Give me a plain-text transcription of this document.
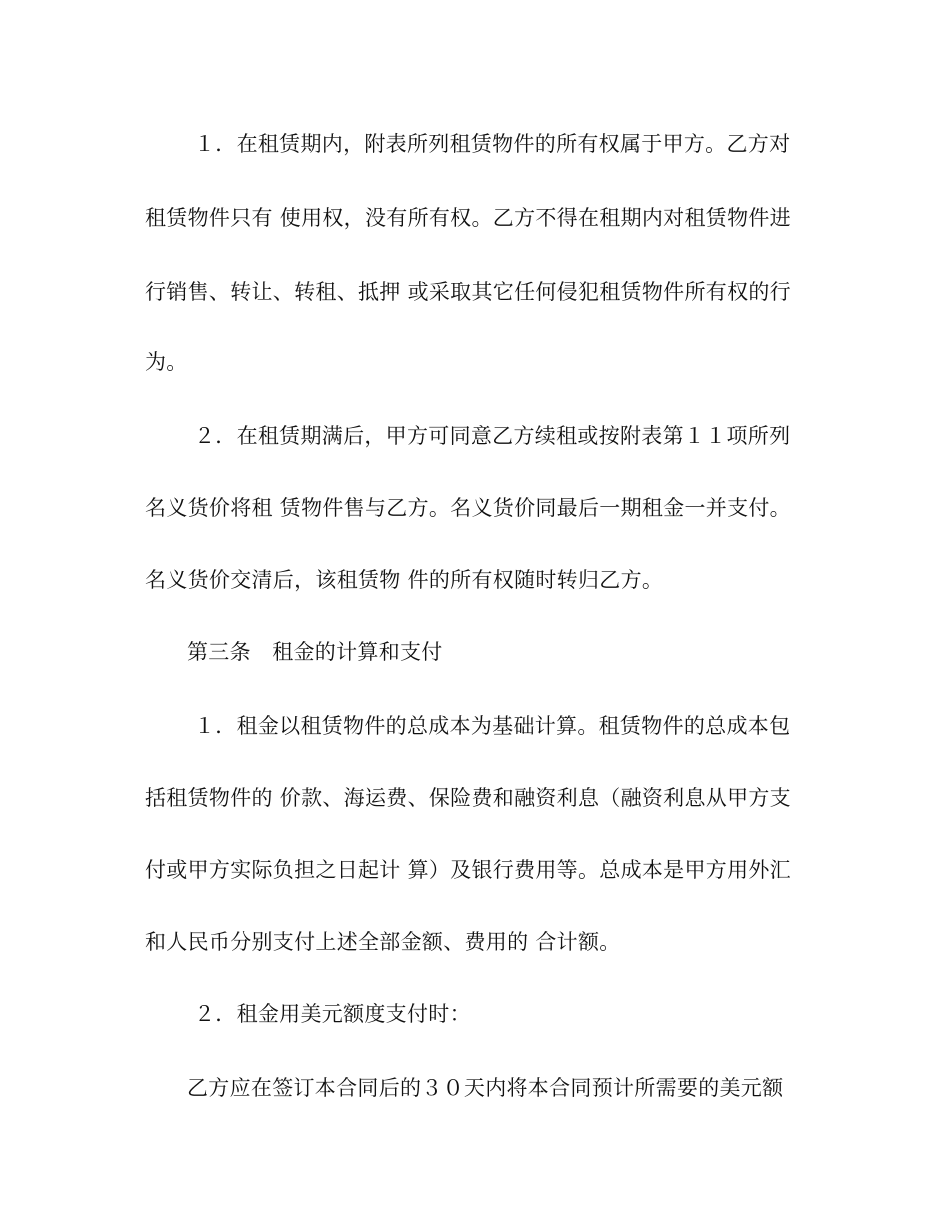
１．在租赁期内，附表所列租赁物件的所有权属于甲方。乙方对
租赁物件只有 使用权，没有所有权。乙方不得在租期内对租赁物件进
行销售、转让、转租、抵押 或采取其它任何侵犯租赁物件所有权的行
为。
２．在租赁期满后，甲方可同意乙方续租或按附表第１１项所列
名义货价将租 赁物件售与乙方。名义货价同最后一期租金一并支付。
名义货价交清后，该租赁物 件的所有权随时转归乙方。
第三条　租金的计算和支付
１．租金以租赁物件的总成本为基础计算。租赁物件的总成本包
括租赁物件的 价款、海运费、保险费和融资利息（融资利息从甲方支
付或甲方实际负担之日起计 算）及银行费用等。总成本是甲方用外汇
和人民币分别支付上述全部金额、费用的 合计额。
２．租金用美元额度支付时：
乙方应在签订本合同后的３０天内将本合同预计所需要的美元额
